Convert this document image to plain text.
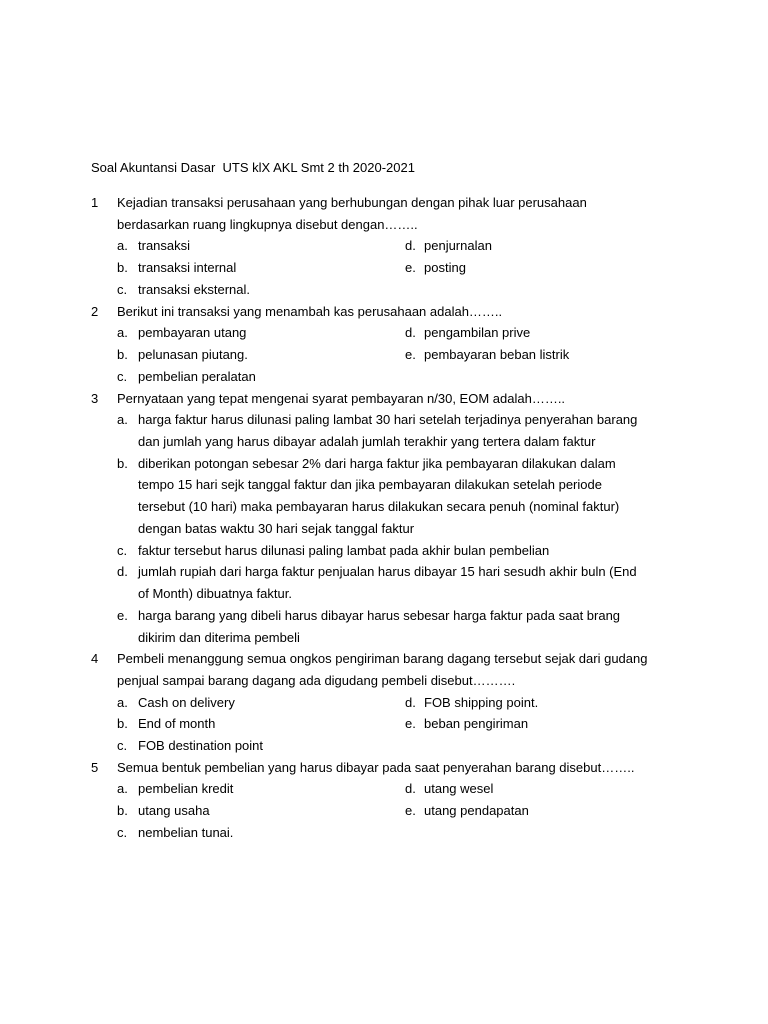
Soal Akuntansi Dasar  UTS klX AKL Smt 2 th 2020-2021
1	Kejadian transaksi perusahaan yang berhubungan dengan pihak luar perusahaan
berdasarkan ruang lingkupnya disebut dengan……..
a. transaksi	d. penjurnalan
b. transaksi internal	e. posting
c. transaksi eksternal.
2	Berikut ini transaksi yang menambah kas perusahaan adalah……..
a. pembayaran utang	d. pengambilan prive
b. pelunasan piutang.	e. pembayaran beban listrik
c. pembelian peralatan
3	Pernyataan yang tepat mengenai syarat pembayaran n/30, EOM adalah……..
a. harga faktur harus dilunasi paling lambat 30 hari setelah terjadinya penyerahan barang
dan jumlah yang harus dibayar adalah jumlah terakhir yang tertera dalam faktur
b. diberikan potongan sebesar 2% dari harga faktur jika pembayaran dilakukan dalam
tempo 15 hari sejk tanggal faktur dan jika pembayaran dilakukan setelah periode
tersebut (10 hari) maka pembayaran harus dilakukan secara penuh (nominal faktur)
dengan batas waktu 30 hari sejak tanggal faktur
c. faktur tersebut harus dilunasi paling lambat pada akhir bulan pembelian
d. jumlah rupiah dari harga faktur penjualan harus dibayar 15 hari sesudh akhir buln (End
of Month) dibuatnya faktur.
e. harga barang yang dibeli harus dibayar harus sebesar harga faktur pada saat brang
dikirim dan diterima pembeli
4	Pembeli menanggung semua ongkos pengiriman barang dagang tersebut sejak dari gudang
penjual sampai barang dagang ada digudang pembeli disebut……….
a. Cash on delivery	d. FOB shipping point.
b. End of month	e. beban pengiriman
c. FOB destination point
5	Semua bentuk pembelian yang harus dibayar pada saat penyerahan barang disebut……..
a. pembelian kredit	d. utang wesel
b. utang usaha	e. utang pendapatan
c. nembelian tunai.
